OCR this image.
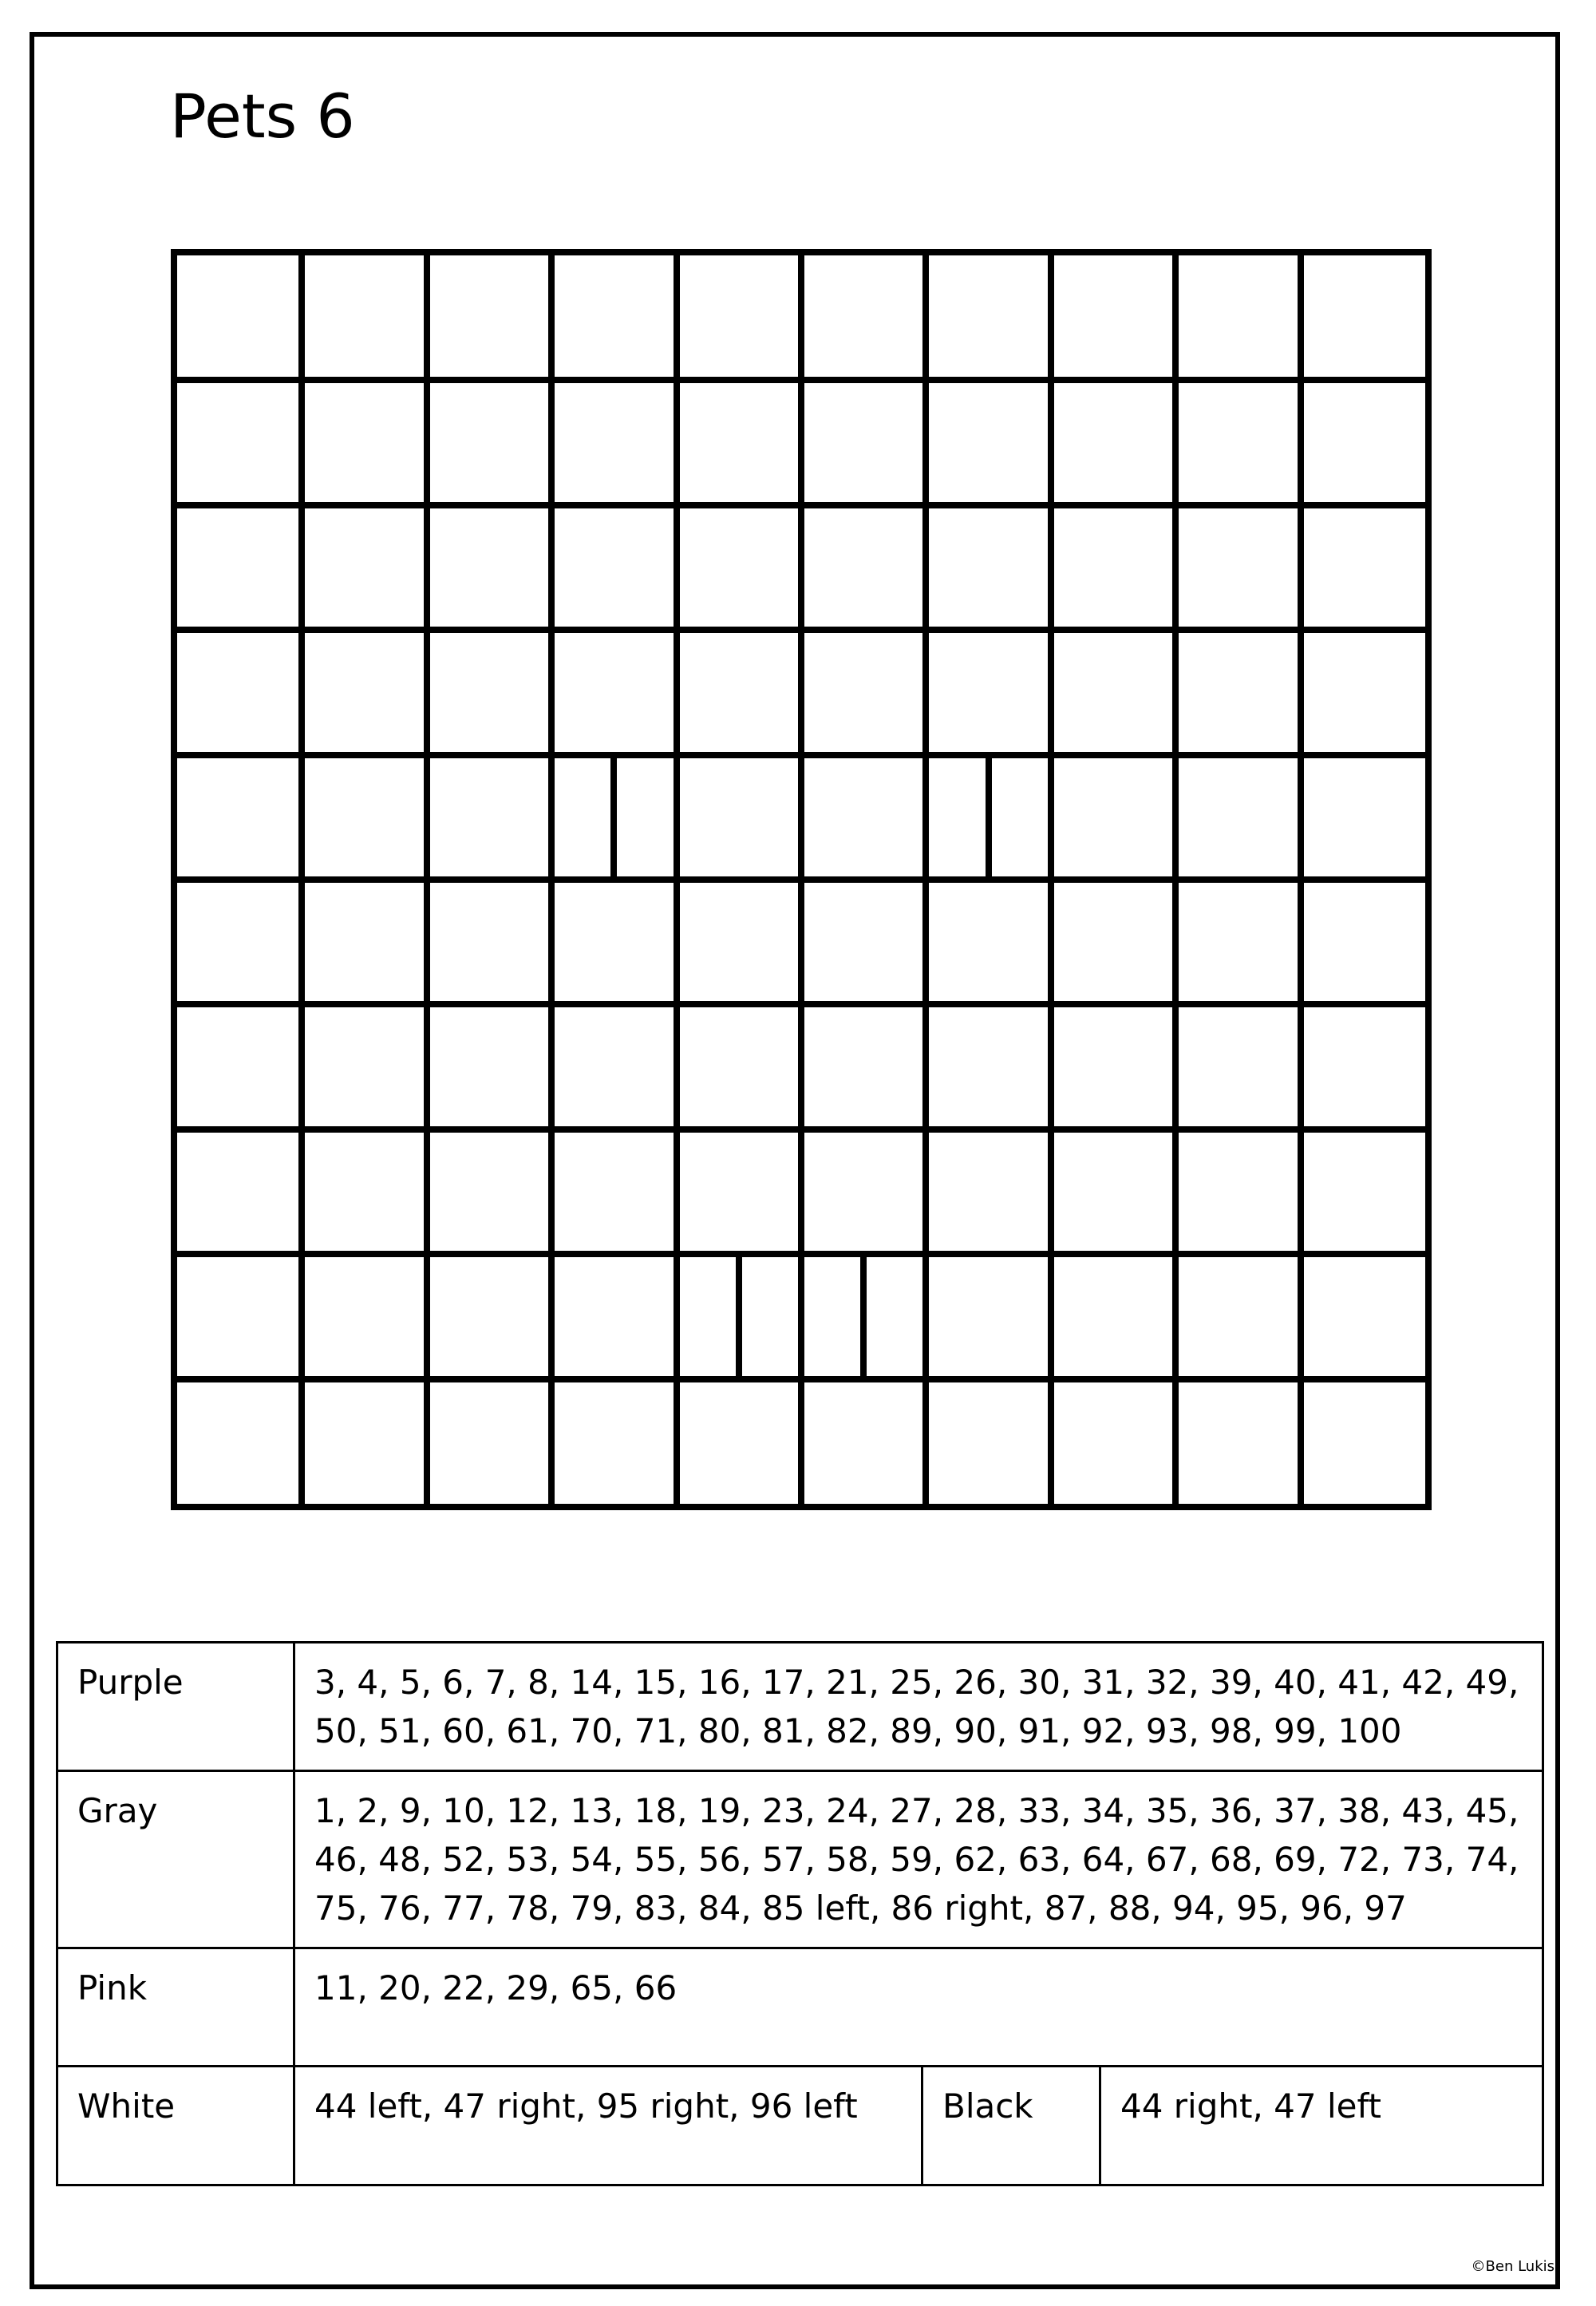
Pets 6
Purple	3, 4, 5, 6, 7, 8, 14, 15, 16, 17, 21, 25, 26, 30, 31, 32, 39, 40, 41, 42, 49, 50, 51, 60, 61, 70, 71, 80, 81, 82, 89, 90, 91, 92, 93, 98, 99, 100		
Gray	1, 2, 9, 10, 12, 13, 18, 19, 23, 24, 27, 28, 33, 34, 35, 36, 37, 38, 43, 45, 46, 48, 52, 53, 54, 55, 56, 57, 58, 59, 62, 63, 64, 67, 68, 69, 72, 73, 74, 75, 76, 77, 78, 79, 83, 84, 85 left, 86 right, 87, 88, 94, 95, 96, 97		
Pink	11, 20, 22, 29, 65, 66		
White	44 left, 47 right, 95 right, 96 left	Black	44 right, 47 left
©Ben Lukis
